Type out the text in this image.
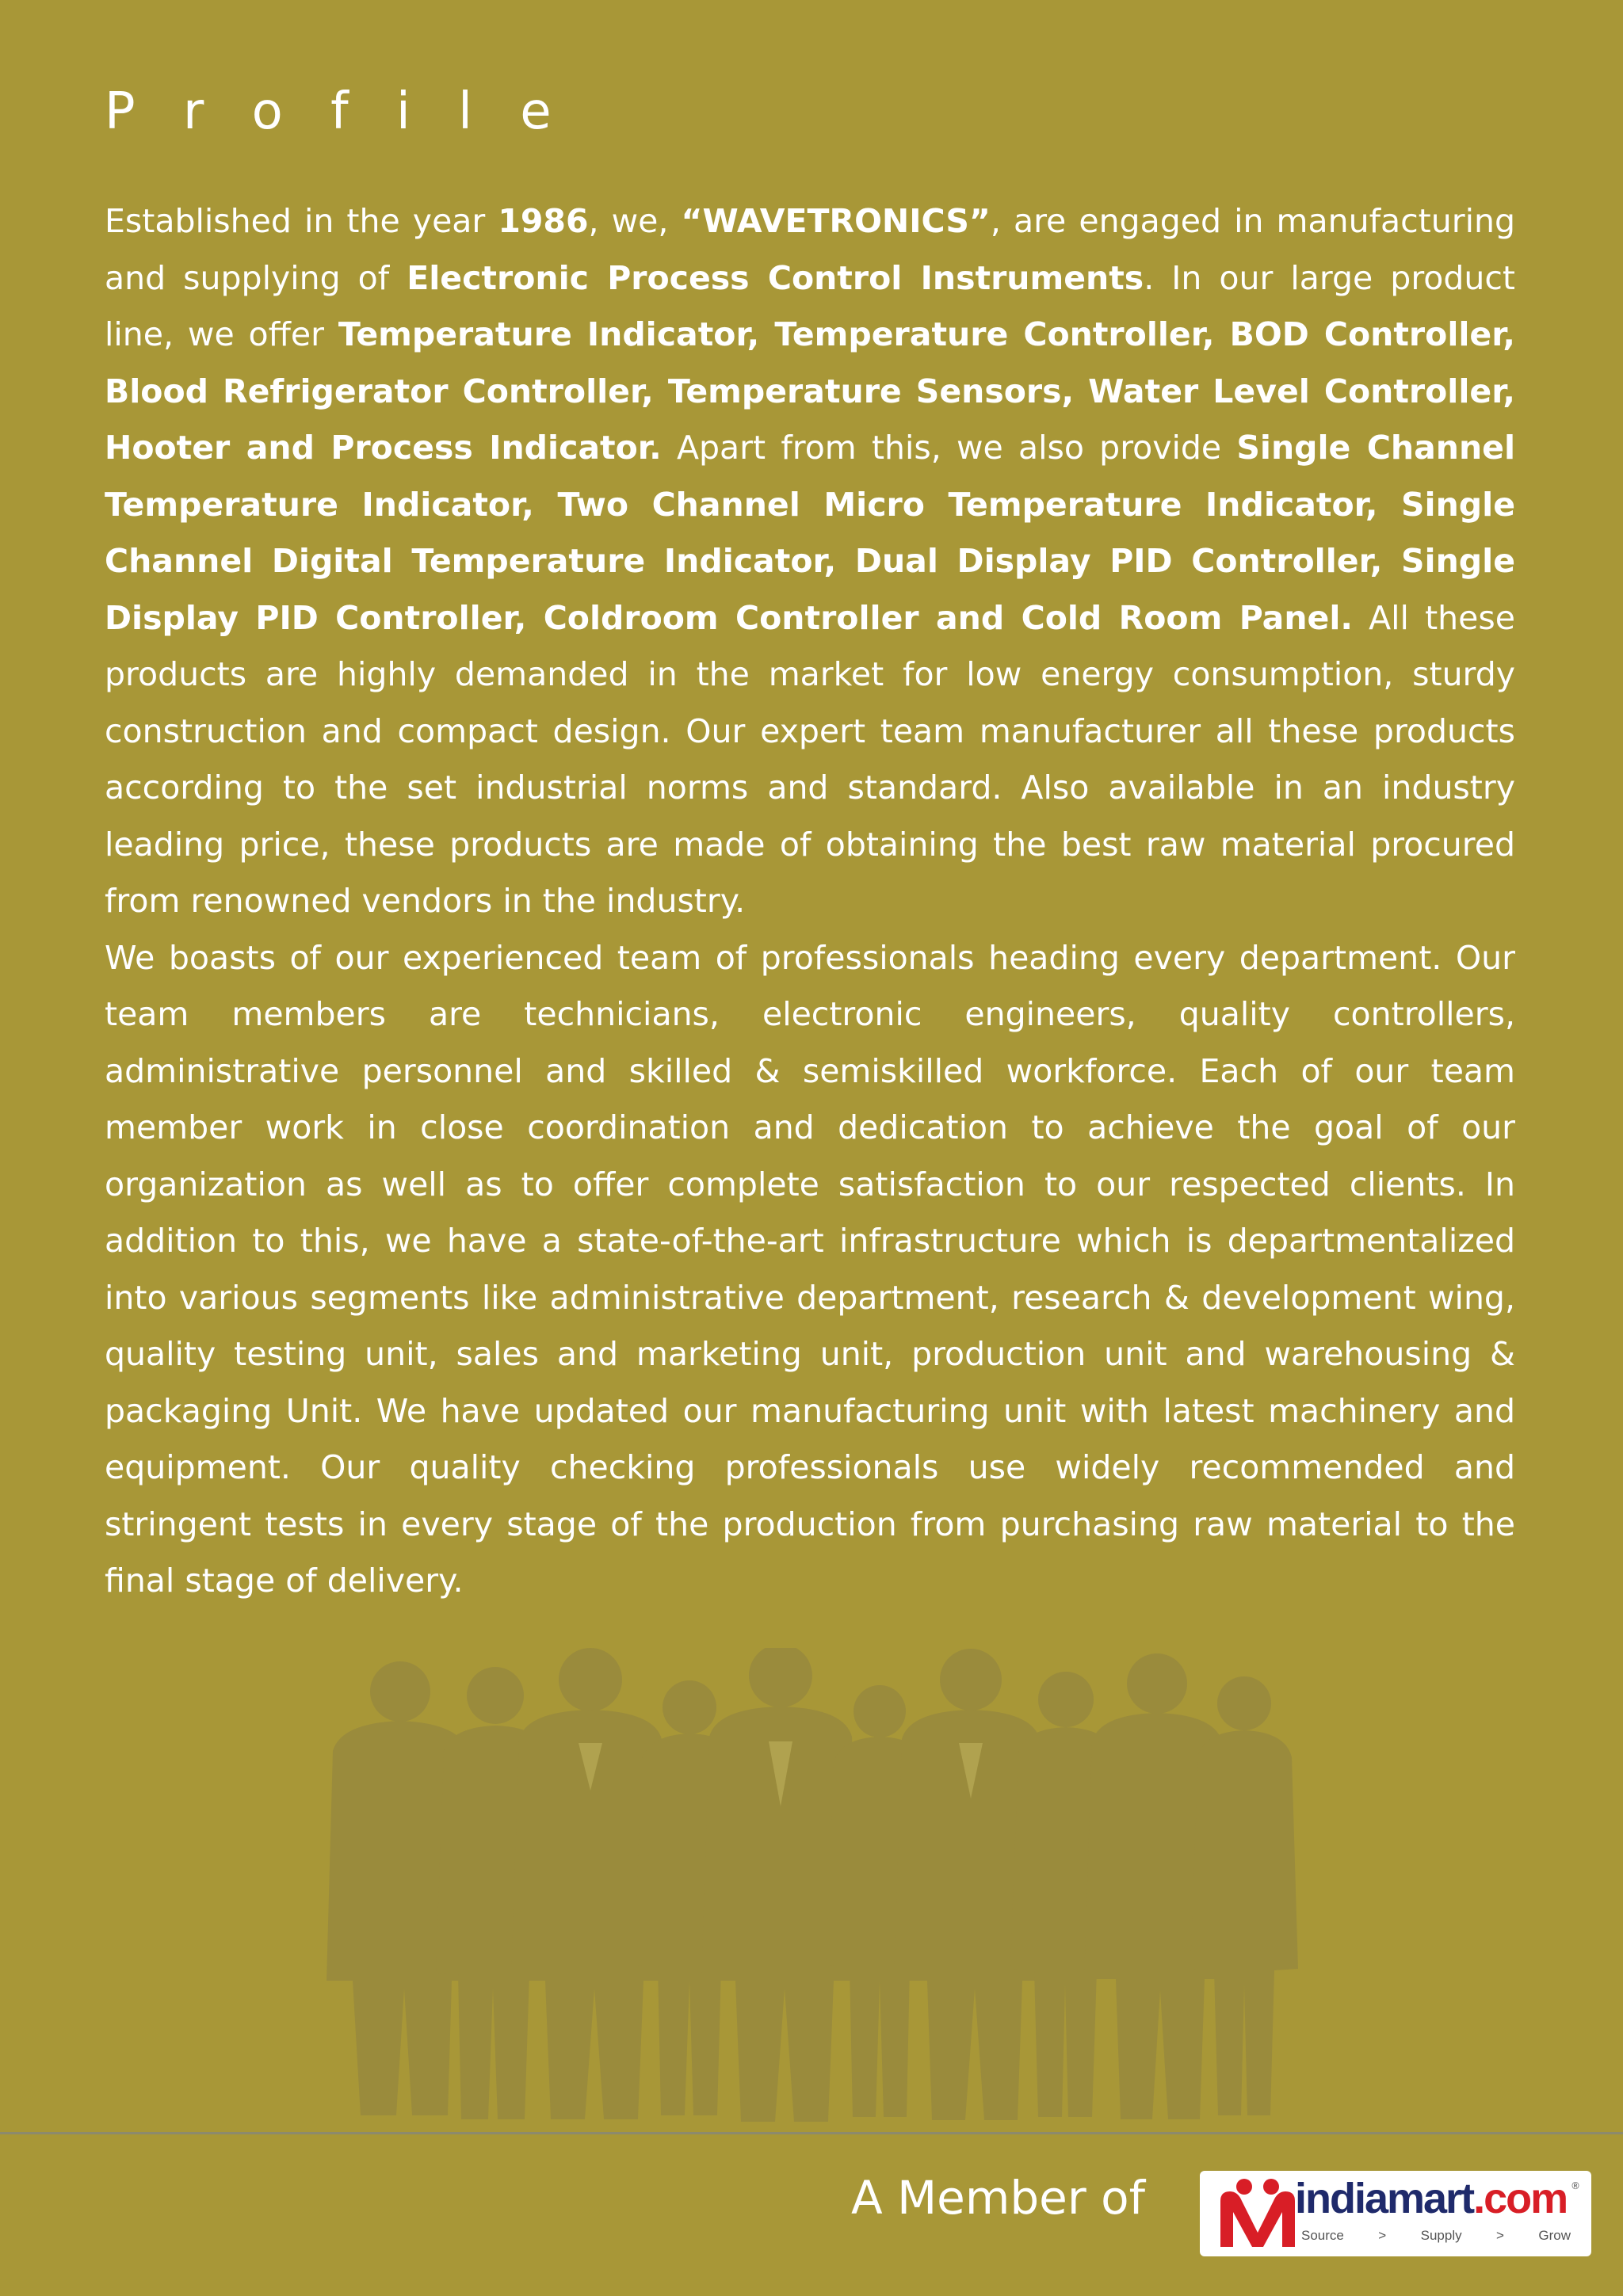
P r o f i l e

Established in the year 1986, we, “WAVETRONICS”, are engaged in manufacturing and supplying of Electronic Process Control Instruments. In our large product line, we offer Temperature Indicator, Temperature Controller, BOD Controller, Blood Refrigerator Controller, Temperature Sensors, Water Level Controller, Hooter and Process Indicator. Apart from this, we also provide Single Channel Temperature Indicator, Two Channel Micro Temperature Indicator, Single Channel Digital Temperature Indicator, Dual Display PID Controller, Single Display PID Controller, Coldroom Controller and Cold Room Panel. All these products are highly demanded in the market for low energy consumption, sturdy construction and compact design. Our expert team manufacturer all these products according to the set industrial norms and standard. Also available in an industry leading price, these products are made of obtaining the best raw material procured from renowned vendors in the industry.

We boasts of our experienced team of professionals heading every department. Our team members are technicians, electronic engineers, quality controllers, administrative personnel and skilled & semiskilled workforce. Each of our team member work in close coordination and dedication to achieve the goal of our organization as well as to offer complete satisfaction to our respected clients. In addition to this, we have a state-of-the-art infrastructure which is departmentalized into various segments like administrative department, research & development wing, quality testing unit, sales and marketing unit, production unit and warehousing & packaging Unit. We have updated our manufacturing unit with latest machinery and equipment. Our quality checking professionals use widely recommended and stringent tests in every stage of the production from purchasing raw material to the final stage of delivery.

A Member of	indiamart.com ®
Source	>	Supply	>	Grow
